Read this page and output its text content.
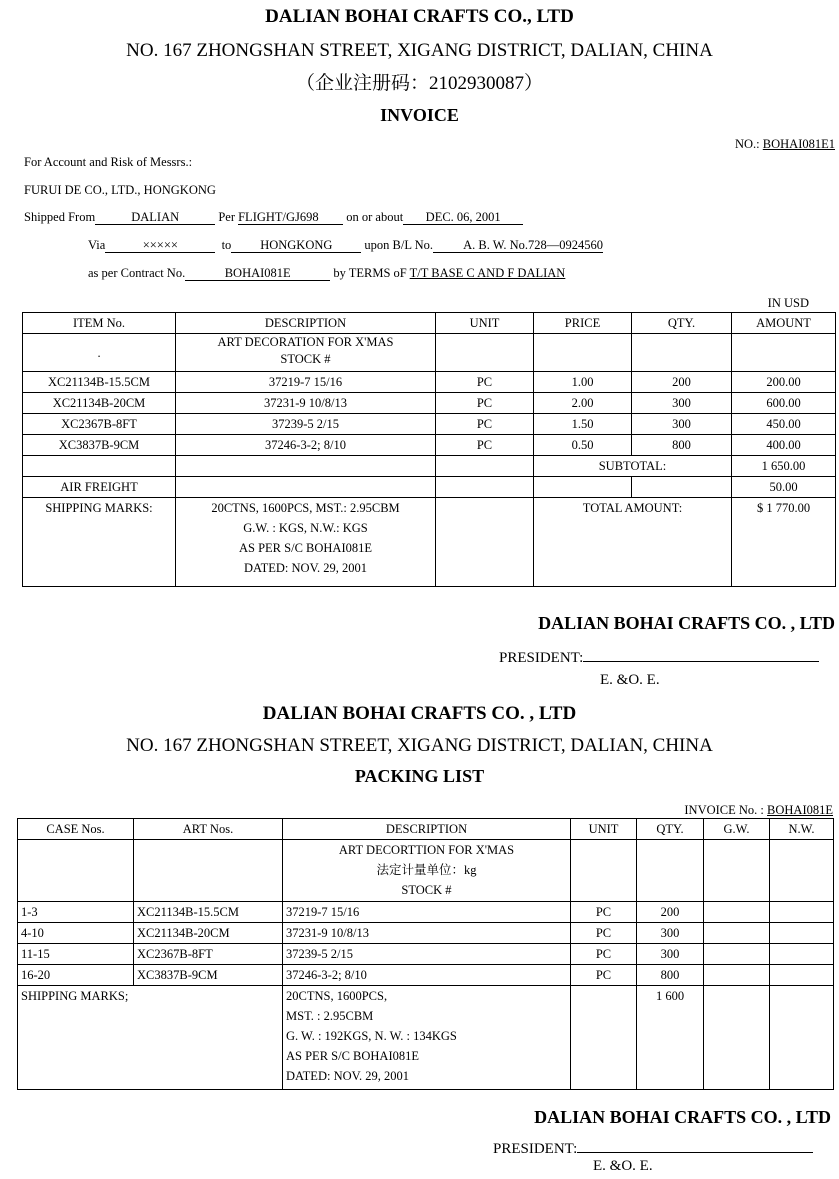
DALIAN BOHAI CRAFTS CO., LTD
NO. 167 ZHONGSHAN STREET, XIGANG DISTRICT, DALIAN, CHINA
（企业注册码：2102930087）
INVOICE
NO.: BOHAI081E1
For Account and Risk of Messrs.:
FURUI DE CO., LTD., HONGKONG
Shipped From	DALIAN	Per FLIGHT/GJ698 on or about DEC. 06, 2001
Via	×××××	to HONGKONG	upon B/L No. A. B. W. No.728—0924560
as per Contract No.	BOHAI081E	by TERMS oF T/T BASE C AND F DALIAN
IN USD
ITEM No.	DESCRIPTION	UNIT	PRICE	QTY.	AMOUNT
.	ART DECORATION FOR X'MAS
STOCK #				

XC21134B-15.5CM	37219-7 15/16	PC	1.00	200	200.00
XC21134B-20CM	37231-9 10/8/13	PC	2.00	300	600.00
XC2367B-8FT	37239-5 2/15	PC	1.50	300	450.00
XC3837B-9CM	37246-3-2; 8/10	PC	0.50	800	400.00
			SUBTOTAL:		1 650.00
AIR FREIGHT					50.00
SHIPPING MARKS:	20CTNS, 1600PCS, MST.: 2.95CBM
G.W. : KGS, N.W.: KGS
AS PER S/C BOHAI081E
DATED: NOV. 29, 2001		TOTAL AMOUNT:		$ 1 770.00
DALIAN BOHAI CRAFTS CO. , LTD
PRESIDENT:
E. &O. E.
DALIAN BOHAI CRAFTS CO. , LTD
NO. 167 ZHONGSHAN STREET, XIGANG DISTRICT, DALIAN, CHINA
PACKING LIST
INVOICE No. : BOHAI081E
CASE Nos.	ART Nos.	DESCRIPTION	UNIT	QTY.	G.W.	N.W.

		ART DECORTTION FOR X'MAS
法定计量单位：kg
STOCK #				

1-3	XC21134B-15.5CM	37219-7 15/16	PC	200		
4-10	XC21134B-20CM	37231-9 10/8/13	PC	300		
11-15	XC2367B-8FT	37239-5 2/15	PC	300		
16-20	XC3837B-9CM	37246-3-2; 8/10	PC	800		
SHIPPING MARKS;		20CTNS, 1600PCS,
MST. : 2.95CBM
G. W. : 192KGS, N. W. : 134KGS
AS PER S/C BOHAI081E
DATED: NOV. 29, 2001		1 600		
DALIAN BOHAI CRAFTS CO. , LTD
PRESIDENT:
E. &O. E.
